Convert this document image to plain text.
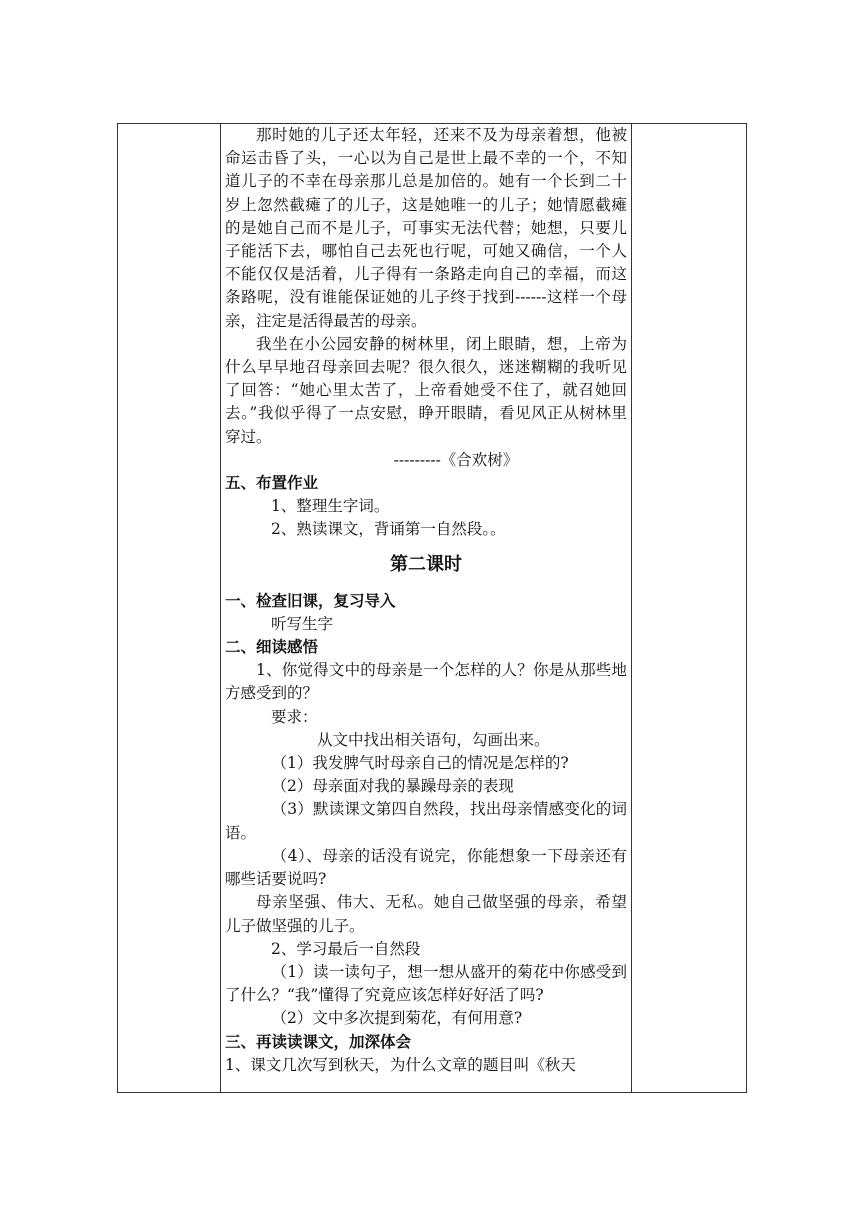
那时她的儿子还太年轻，还来不及为母亲着想，他被命运击昏了头，一心以为自己是世上最不幸的一个，不知道儿子的不幸在母亲那儿总是加倍的。她有一个长到二十岁上忽然截瘫了的儿子，这是她唯一的儿子；她情愿截瘫的是她自己而不是儿子，可事实无法代替；她想，只要儿子能活下去，哪怕自己去死也行呢，可她又确信，一个人不能仅仅是活着，儿子得有一条路走向自己的幸福，而这条路呢，没有谁能保证她的儿子终于找到------这样一个母亲，注定是活得最苦的母亲。

我坐在小公园安静的树林里，闭上眼睛，想，上帝为什么早早地召母亲回去呢？很久很久，迷迷糊糊的我听见了回答：“她心里太苦了，上帝看她受不住了，就召她回去。”我似乎得了一点安慰，睁开眼睛，看见风正从树林里穿过。

---------《合欢树》

五、布置作业

1、整理生字词。

2、熟读课文，背诵第一自然段。。

第二课时

一、检查旧课，复习导入

听写生字

二、细读感悟

1、你觉得文中的母亲是一个怎样的人？你是从那些地方感受到的？

要求：

从文中找出相关语句，勾画出来。

（1）我发脾气时母亲自己的情况是怎样的?

（2）母亲面对我的暴躁母亲的表现

（3）默读课文第四自然段，找出母亲情感变化的词语。

（4）、母亲的话没有说完，你能想象一下母亲还有哪些话要说吗?

母亲坚强、伟大、无私。她自己做坚强的母亲，希望儿子做坚强的儿子。

2、学习最后一自然段

（1）读一读句子，想一想从盛开的菊花中你感受到了什么？“我”懂得了究竟应该怎样好好活了吗?

（2）文中多次提到菊花，有何用意?

三、再读读课文，加深体会

1、课文几次写到秋天，为什么文章的题目叫《秋天
